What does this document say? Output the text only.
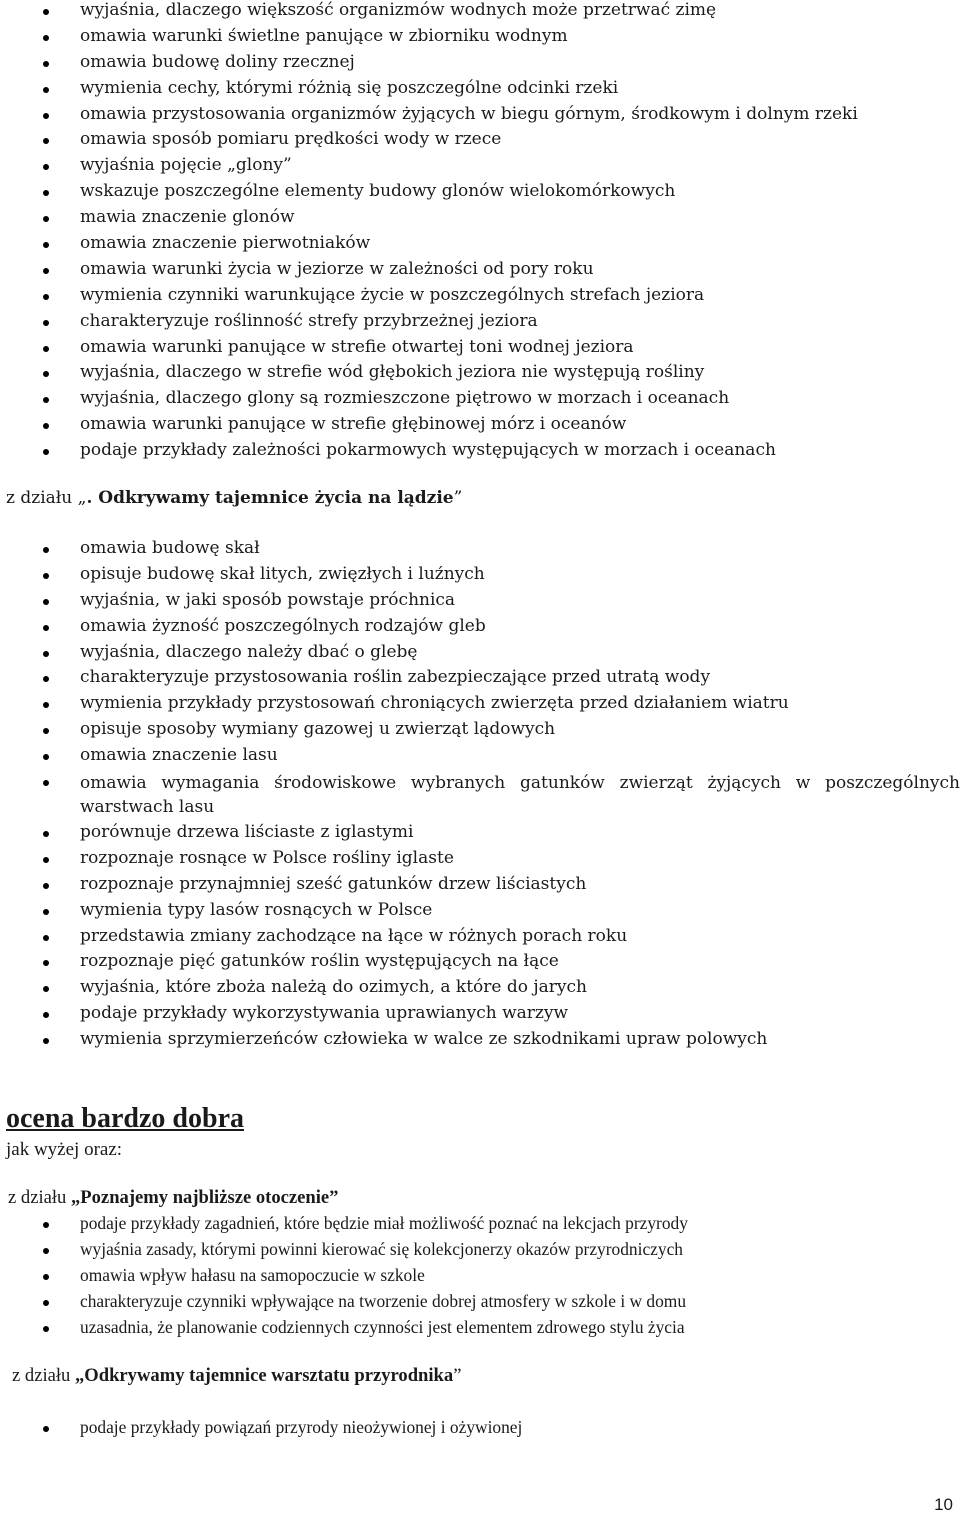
wyjaśnia, dlaczego większość organizmów wodnych może przetrwać zimę
omawia warunki świetlne panujące w zbiorniku wodnym
omawia budowę doliny rzecznej
wymienia cechy, którymi różnią się poszczególne odcinki rzeki
omawia przystosowania organizmów żyjących w biegu górnym, środkowym i dolnym rzeki
omawia sposób pomiaru prędkości wody w rzece
wyjaśnia pojęcie „glony”
wskazuje poszczególne elementy budowy glonów wielokomórkowych
mawia znaczenie glonów
omawia znaczenie pierwotniaków
omawia warunki życia w jeziorze w zależności od pory roku
wymienia czynniki warunkujące życie w poszczególnych strefach jeziora
charakteryzuje roślinność strefy przybrzeżnej jeziora
omawia warunki panujące w strefie otwartej toni wodnej jeziora
wyjaśnia, dlaczego w strefie wód głębokich jeziora nie występują rośliny
wyjaśnia, dlaczego glony są rozmieszczone piętrowo w morzach i oceanach
omawia warunki panujące w strefie głębinowej mórz i oceanów
podaje przykłady zależności pokarmowych występujących w morzach i oceanach
z działu „. Odkrywamy tajemnice życia na lądzie”
omawia budowę skał
opisuje budowę skał litych, zwięzłych i luźnych
wyjaśnia, w jaki sposób powstaje próchnica
omawia żyzność poszczególnych rodzajów gleb
wyjaśnia, dlaczego należy dbać o glebę
charakteryzuje przystosowania roślin zabezpieczające przed utratą wody
wymienia przykłady przystosowań chroniących zwierzęta przed działaniem wiatru
opisuje sposoby wymiany gazowej u zwierząt lądowych
omawia znaczenie lasu
omawia wymagania środowiskowe wybranych gatunków zwierząt żyjących w poszczególnych warstwach lasu
porównuje drzewa liściaste z iglastymi
rozpoznaje rosnące w Polsce rośliny iglaste
rozpoznaje przynajmniej sześć gatunków drzew liściastych
wymienia typy lasów rosnących w Polsce
przedstawia zmiany zachodzące na łące w różnych porach roku
rozpoznaje pięć gatunków roślin występujących na łące
wyjaśnia, które zboża należą do ozimych, a które do jarych
podaje przykłady wykorzystywania uprawianych warzyw
wymienia sprzymierzeńców człowieka w walce ze szkodnikami upraw polowych
ocena bardzo dobra
jak wyżej oraz:
z działu „Poznajemy najbliższe otoczenie”
podaje przykłady zagadnień, które będzie miał możliwość poznać na lekcjach przyrody
wyjaśnia zasady, którymi powinni kierować się kolekcjonerzy okazów przyrodniczych
omawia wpływ hałasu na samopoczucie w szkole
charakteryzuje czynniki wpływające na tworzenie dobrej atmosfery w szkole i w domu
uzasadnia, że planowanie codziennych czynności jest elementem zdrowego stylu życia
z działu „Odkrywamy tajemnice warsztatu przyrodnika”
podaje przykłady powiązań przyrody nieożywionej i ożywionej
10
